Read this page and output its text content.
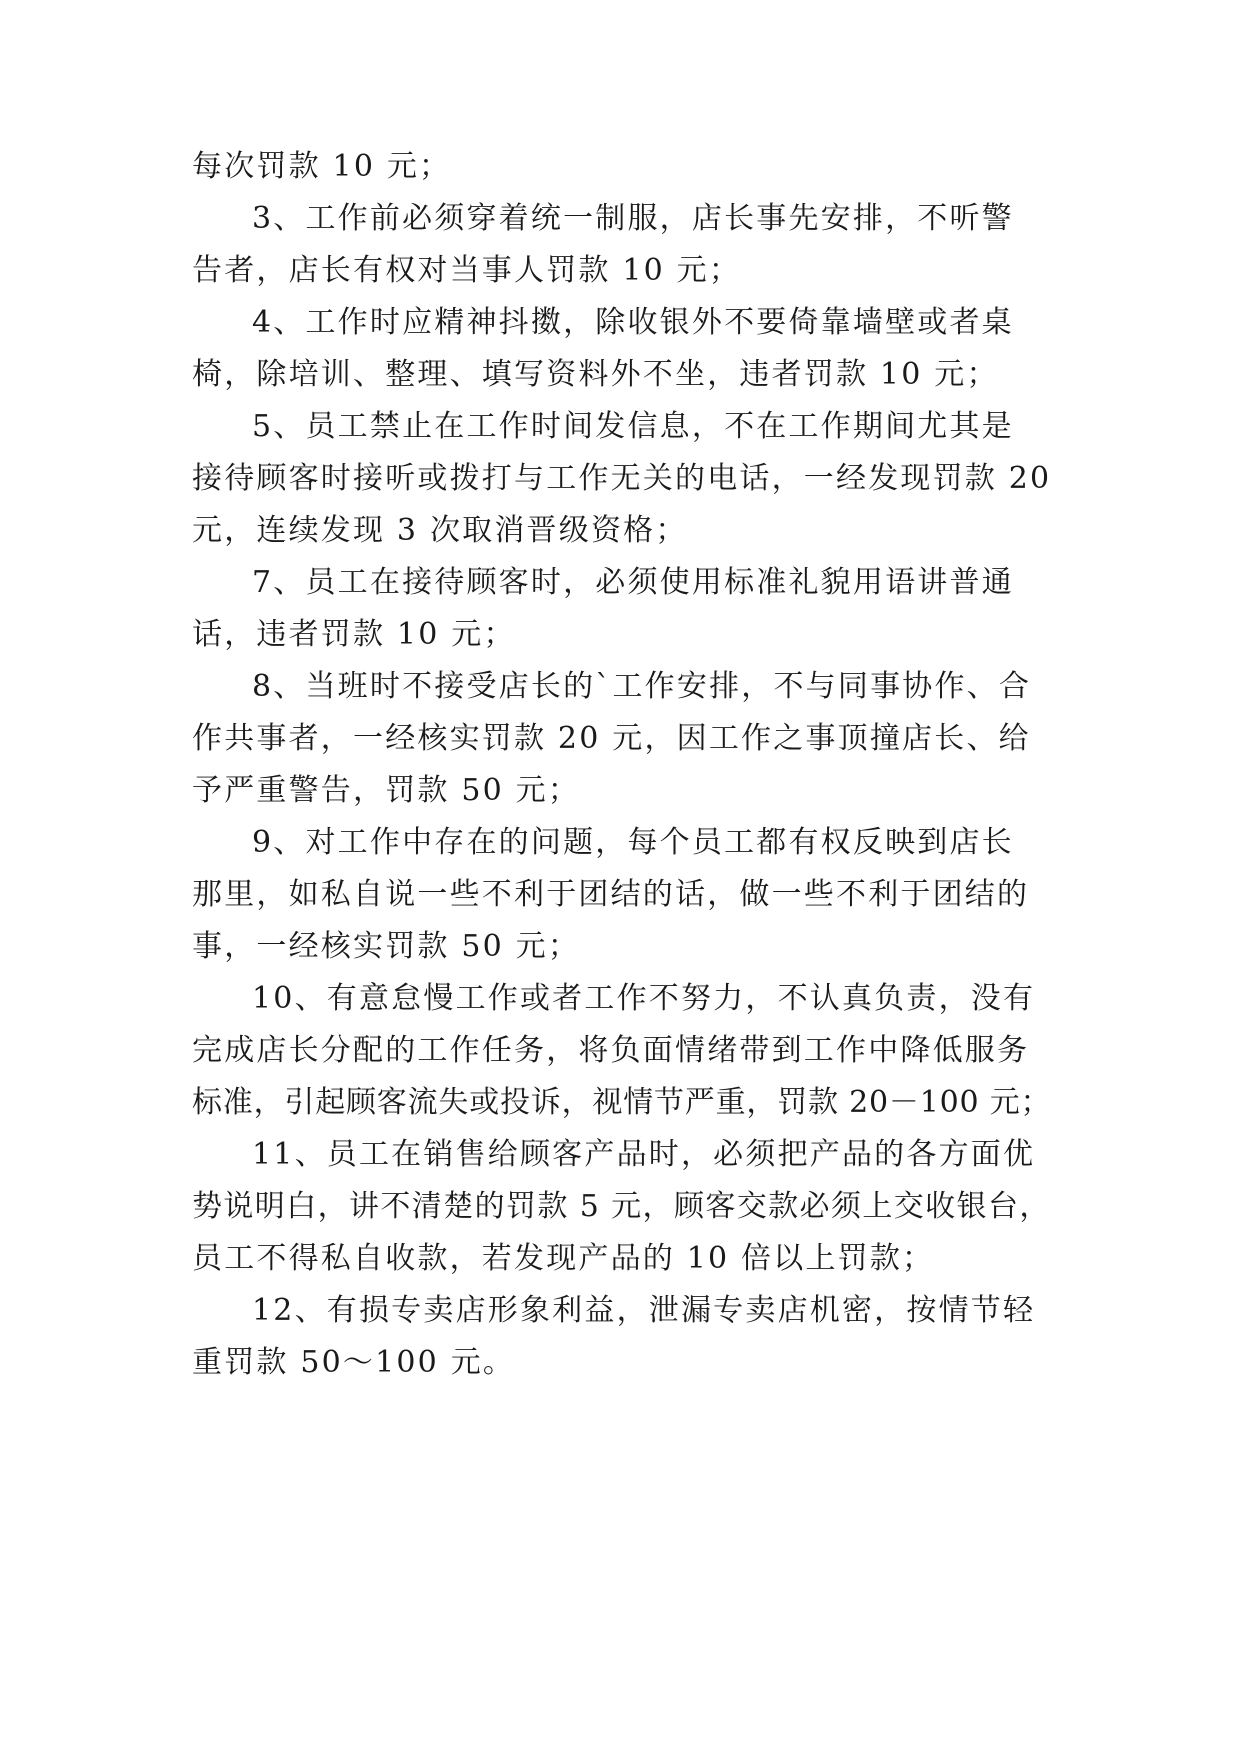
每次罚款 10 元；
3、工作前必须穿着统一制服，店长事先安排，不听警
告者，店长有权对当事人罚款 10 元；
4、工作时应精神抖擞，除收银外不要倚靠墙壁或者桌
椅，除培训、整理、填写资料外不坐，违者罚款 10 元；
5、员工禁止在工作时间发信息，不在工作期间尤其是
接待顾客时接听或拨打与工作无关的电话，一经发现罚款 20
元，连续发现 3 次取消晋级资格；
7、员工在接待顾客时，必须使用标准礼貌用语讲普通
话，违者罚款 10 元；
8、当班时不接受店长的`工作安排，不与同事协作、合
作共事者，一经核实罚款 20 元，因工作之事顶撞店长、给
予严重警告，罚款 50 元；
9、对工作中存在的问题，每个员工都有权反映到店长
那里，如私自说一些不利于团结的话，做一些不利于团结的
事，一经核实罚款 50 元；
10、有意怠慢工作或者工作不努力，不认真负责，没有
完成店长分配的工作任务，将负面情绪带到工作中降低服务
标准，引起顾客流失或投诉，视情节严重，罚款 20－100 元；
11、员工在销售给顾客产品时，必须把产品的各方面优
势说明白，讲不清楚的罚款 5 元，顾客交款必须上交收银台，
员工不得私自收款，若发现产品的 10 倍以上罚款；
12、有损专卖店形象利益，泄漏专卖店机密，按情节轻
重罚款 50～100 元。
